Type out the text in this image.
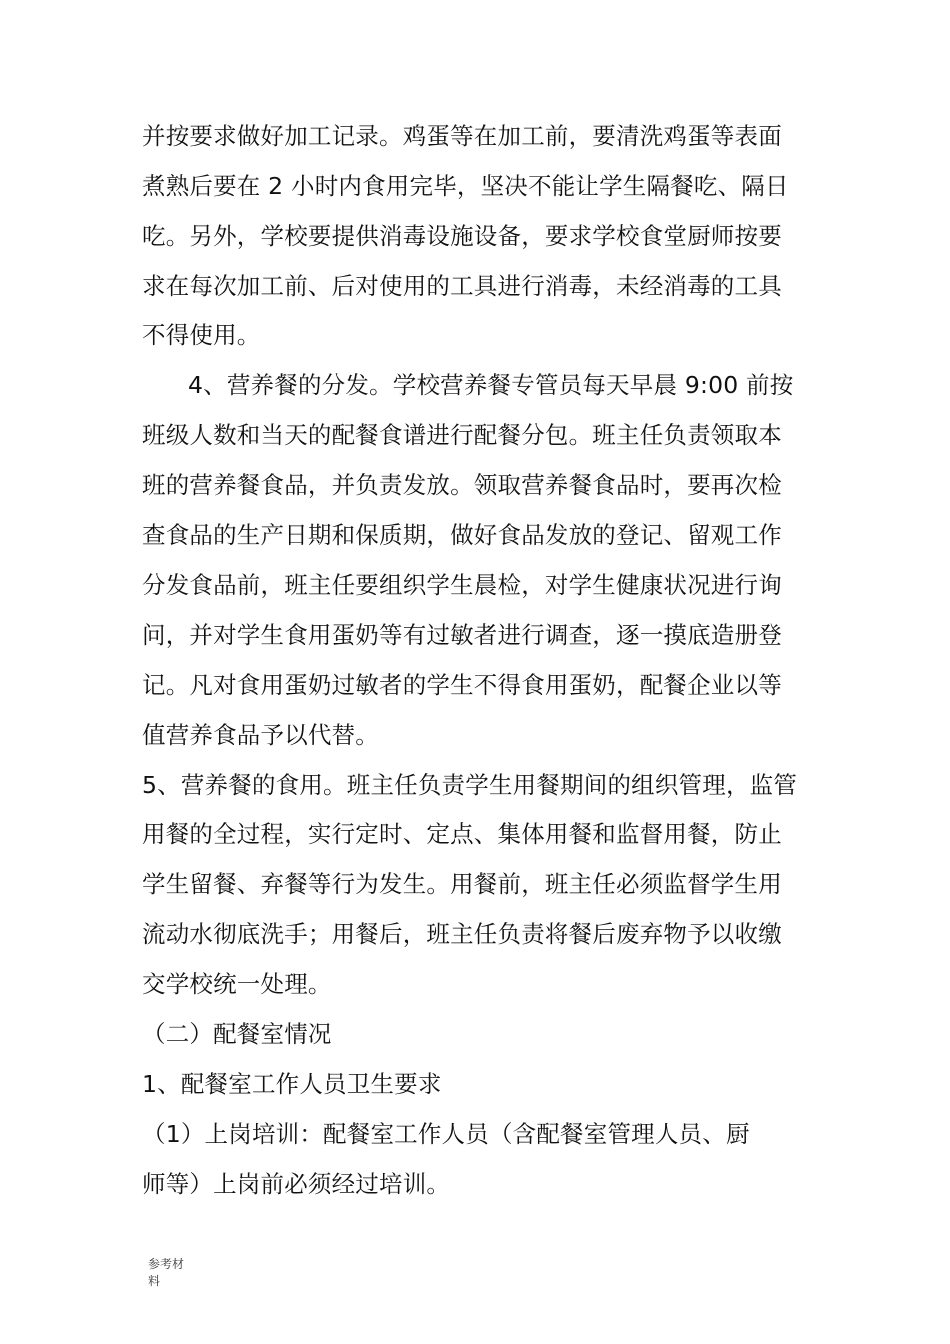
并按要求做好加工记录。鸡蛋等在加工前，要清洗鸡蛋等表面
煮熟后要在 2 小时内食用完毕，坚决不能让学生隔餐吃、隔日
吃。另外，学校要提供消毒设施设备，要求学校食堂厨师按要
求在每次加工前、后对使用的工具进行消毒，未经消毒的工具
不得使用。
4、营养餐的分发。学校营养餐专管员每天早晨 9:00 前按
班级人数和当天的配餐食谱进行配餐分包。班主任负责领取本
班的营养餐食品，并负责发放。领取营养餐食品时，要再次检
查食品的生产日期和保质期，做好食品发放的登记、留观工作
分发食品前，班主任要组织学生晨检，对学生健康状况进行询
问，并对学生食用蛋奶等有过敏者进行调查，逐一摸底造册登
记。凡对食用蛋奶过敏者的学生不得食用蛋奶，配餐企业以等
值营养食品予以代替。
5、营养餐的食用。班主任负责学生用餐期间的组织管理，监管
用餐的全过程，实行定时、定点、集体用餐和监督用餐，防止
学生留餐、弃餐等行为发生。用餐前，班主任必须监督学生用
流动水彻底洗手；用餐后，班主任负责将餐后废弃物予以收缴
交学校统一处理。
（二）配餐室情况
1、配餐室工作人员卫生要求
（1）上岗培训：配餐室工作人员（含配餐室管理人员、厨
师等）上岗前必须经过培训。
参考材
料
